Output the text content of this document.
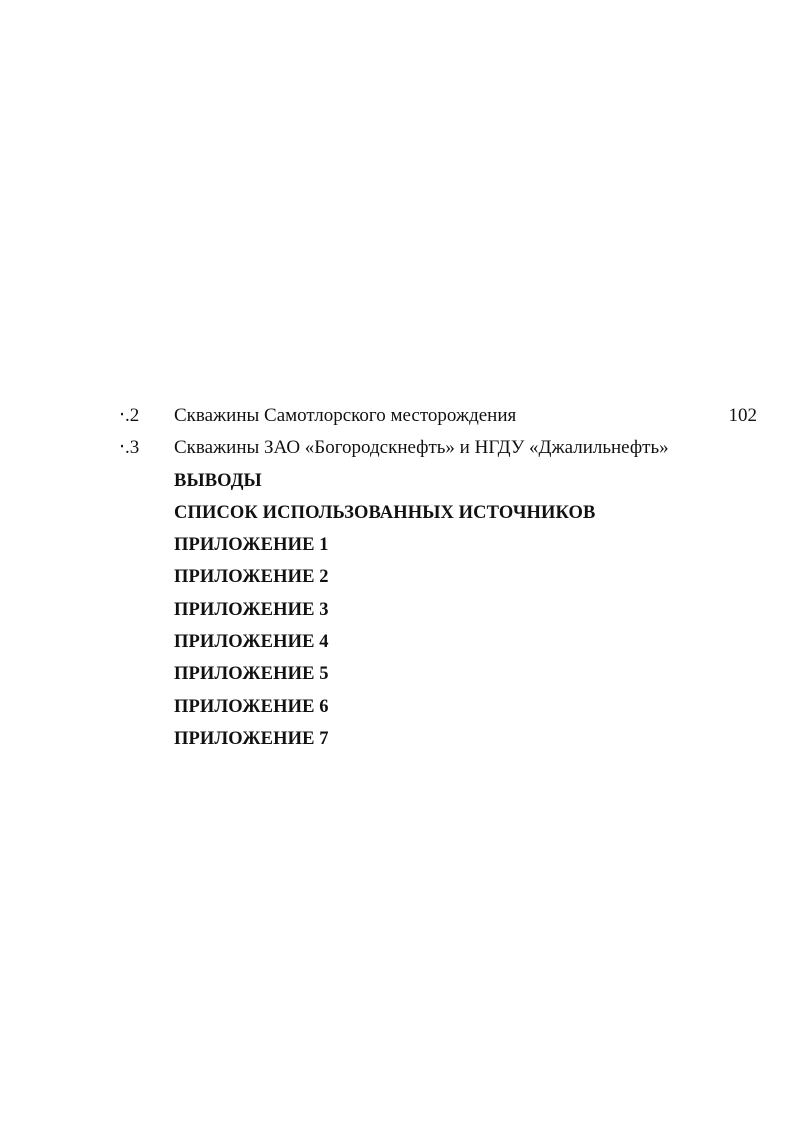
‧.2 Скважины Самотлорского месторождения	102
‧.3 Скважины ЗАО «Богородскнефть» и НГДУ «Джалильнефть»
ВЫВОДЫ
СПИСОК ИСПОЛЬЗОВАННЫХ ИСТОЧНИКОВ
ПРИЛОЖЕНИЕ 1
ПРИЛОЖЕНИЕ 2
ПРИЛОЖЕНИЕ 3
ПРИЛОЖЕНИЕ 4
ПРИЛОЖЕНИЕ 5
ПРИЛОЖЕНИЕ 6
ПРИЛОЖЕНИЕ 7
